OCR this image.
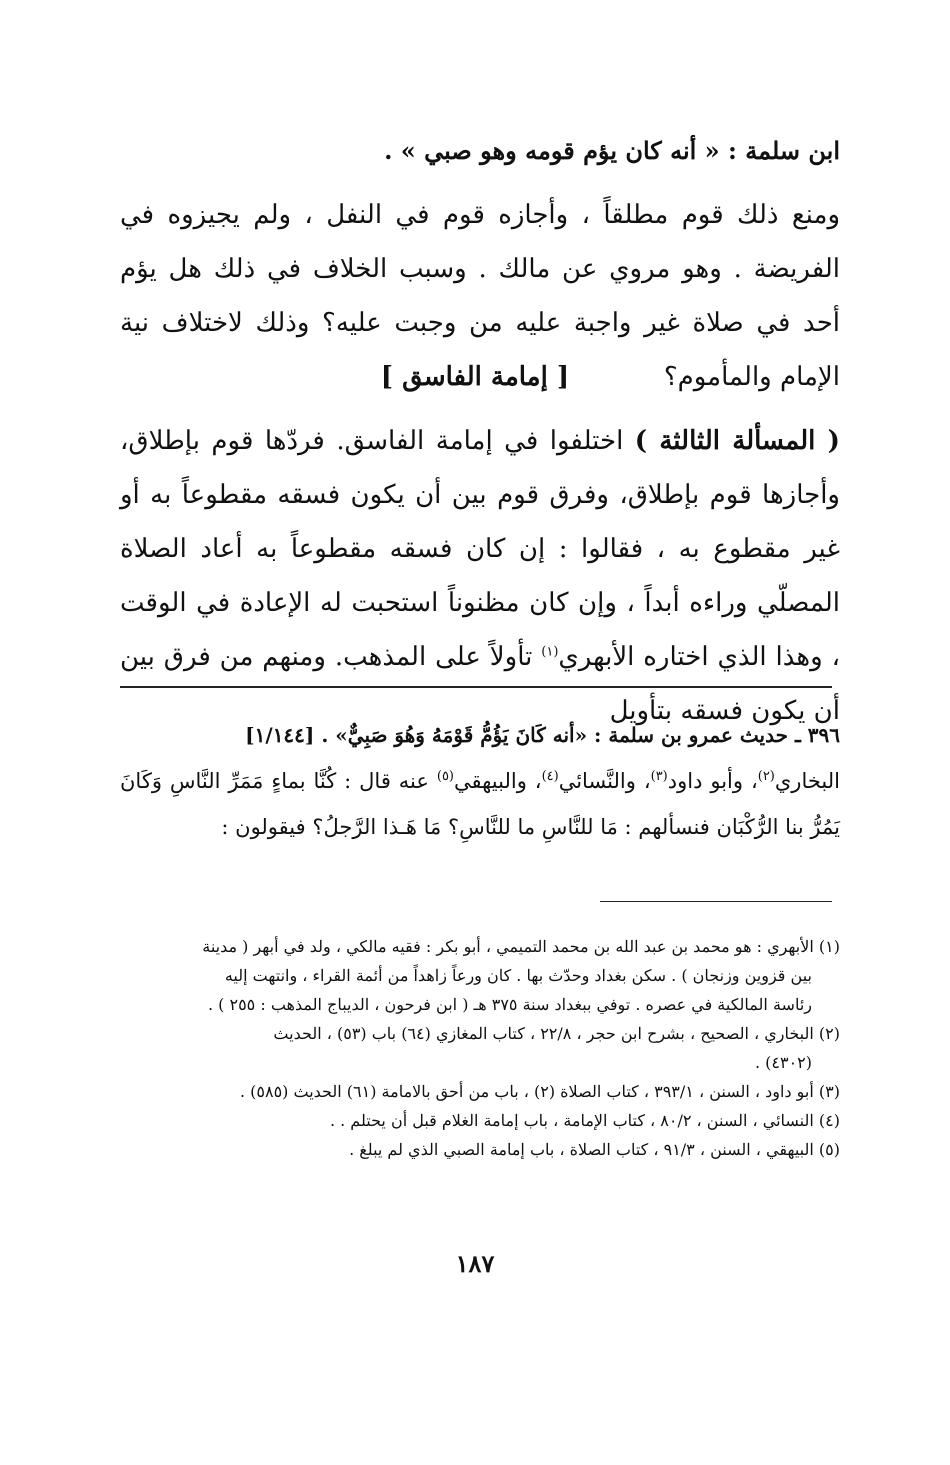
ابن سلمة : « أنه كان يؤم قومه وهو صبي » .
ومنع ذلك قوم مطلقاً ، وأجازه قوم في النفل ، ولم يجيزوه في الفريضة . وهو مروي عن مالك . وسبب الخلاف في ذلك هل يؤم أحد في صلاة غير واجبة عليه من وجبت عليه؟ وذلك لاختلاف نية الإمام والمأموم؟
[ إمامة الفاسق ]
( المسألة الثالثة ) اختلفوا في إمامة الفاسق. فردّها قوم بإطلاق، وأجازها قوم بإطلاق، وفرق قوم بين أن يكون فسقه مقطوعاً به أو غير مقطوع به ، فقالوا : إن كان فسقه مقطوعاً به أعاد الصلاة المصلّي وراءه أبداً ، وإن كان مظنوناً استحبت له الإعادة في الوقت ، وهذا الذي اختاره الأبهري$^{(١)}$ تأولاً على المذهب. ومنهم من فرق بين أن يكون فسقه بتأويل
٣٩٦ ـ حديث عمرو بن سلمة : «أنه كَانَ يَؤُمُّ قَوْمَهُ وَهُوَ صَبِيٌّ» . [١/١٤٤]
البخاري$^{(٢)}$، وأبو داود$^{(٣)}$، والنَّسائي$^{(٤)}$، والبيهقي$^{(٥)}$ عنه قال : كُنَّا بماءٍ مَمَرِّ النَّاسِ وَكَانَ يَمُرُّ بنا الرُّكْبَان فنسألهم : مَا للنَّاسِ ما للنَّاسِ؟ مَا هَـذا الرَّجلُ؟ فيقولون :
(١) الأبهري : هو محمد بن عبد الله بن محمد التميمي ، أبو بكر : فقيه مالكي ، ولد في أبهر ( مدينة
بين قزوين وزنجان ) . سكن بغداد وحدّث بها . كان ورعاً زاهداً من أئمة القراء ، وانتهت إليه
رئاسة المالكية في عصره . توفي ببغداد سنة ٣٧٥ هـ ( ابن فرحون ، الديباج المذهب : ٢٥٥ ) .
(٢) البخاري ، الصحيح ، بشرح ابن حجر ، ٢٢/٨ ، كتاب المغازي (٦٤) باب (٥٣) ، الحديث
(٤٣٠٢) .
(٣) أبو داود ، السنن ، ٣٩٣/١ ، كتاب الصلاة (٢) ، باب من أحق بالامامة (٦١) الحديث (٥٨٥) .
(٤) النسائي ، السنن ، ٨٠/٢ ، كتاب الإمامة ، باب إمامة الغلام قبل أن يحتلم . .
(٥) البيهقي ، السنن ، ٩١/٣ ، كتاب الصلاة ، باب إمامة الصبي الذي لم يبلغ .
١٨٧
